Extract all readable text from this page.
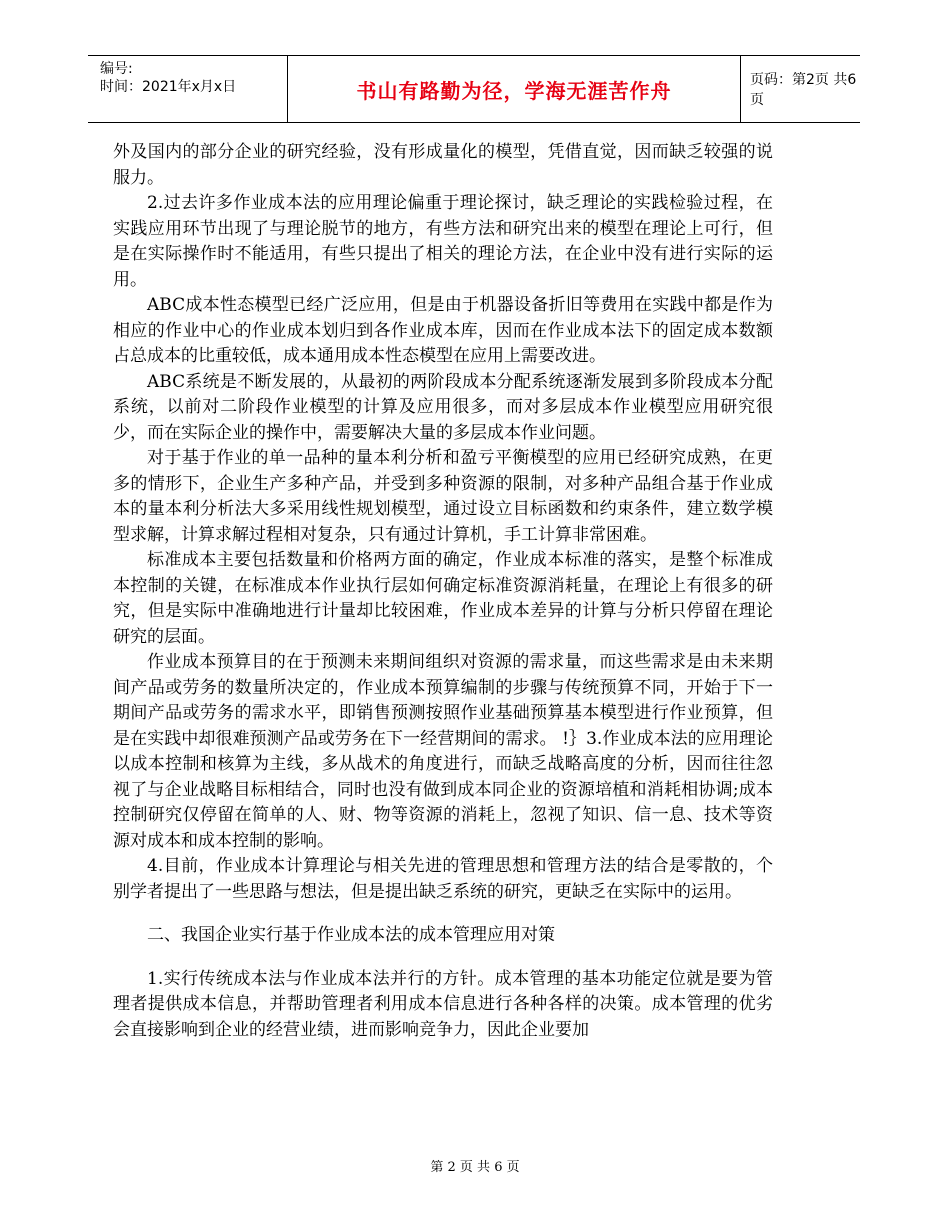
编号:
时间：2021年x月x日	书山有路勤为径，学海无涯苦作舟	页码：第2页 共6页

外及国内的部分企业的研究经验，没有形成量化的模型，凭借直觉，因而缺乏较强的说服力。

2.过去许多作业成本法的应用理论偏重于理论探讨，缺乏理论的实践检验过程，在实践应用环节出现了与理论脱节的地方，有些方法和研究出来的模型在理论上可行，但是在实际操作时不能适用，有些只提出了相关的理论方法，在企业中没有进行实际的运用。

ABC成本性态模型已经广泛应用，但是由于机器设备折旧等费用在实践中都是作为相应的作业中心的作业成本划归到各作业成本库，因而在作业成本法下的固定成本数额占总成本的比重较低，成本通用成本性态模型在应用上需要改进。

ABC系统是不断发展的，从最初的两阶段成本分配系统逐渐发展到多阶段成本分配系统，以前对二阶段作业模型的计算及应用很多，而对多层成本作业模型应用研究很少，而在实际企业的操作中，需要解决大量的多层成本作业问题。

对于基于作业的单一品种的量本利分析和盈亏平衡模型的应用已经研究成熟，在更多的情形下，企业生产多种产品，并受到多种资源的限制，对多种产品组合基于作业成本的量本利分析法大多采用线性规划模型，通过设立目标函数和约束条件，建立数学模型求解，计算求解过程相对复杂，只有通过计算机，手工计算非常困难。

标准成本主要包括数量和价格两方面的确定，作业成本标准的落实，是整个标准成本控制的关键，在标准成本作业执行层如何确定标准资源消耗量，在理论上有很多的研究，但是实际中准确地进行计量却比较困难，作业成本差异的计算与分析只停留在理论研究的层面。

作业成本预算目的在于预测未来期间组织对资源的需求量，而这些需求是由未来期间产品或劳务的数量所决定的，作业成本预算编制的步骤与传统预算不同，开始于下一期间产品或劳务的需求水平，即销售预测按照作业基础预算基本模型进行作业预算，但是在实践中却很难预测产品或劳务在下一经营期间的需求。 !｝3.作业成本法的应用理论以成本控制和核算为主线，多从战术的角度进行，而缺乏战略高度的分析，因而往往忽视了与企业战略目标相结合，同时也没有做到成本同企业的资源培植和消耗相协调;成本控制研究仅停留在简单的人、财、物等资源的消耗上，忽视了知识、信一息、技术等资源对成本和成本控制的影响。

4.目前，作业成本计算理论与相关先进的管理思想和管理方法的结合是零散的，个别学者提出了一些思路与想法，但是提出缺乏系统的研究，更缺乏在实际中的运用。

二、我国企业实行基于作业成本法的成本管理应用对策

1.实行传统成本法与作业成本法并行的方针。成本管理的基本功能定位就是要为管理者提供成本信息，并帮助管理者利用成本信息进行各种各样的决策。成本管理的优劣会直接影响到企业的经营业绩，进而影响竞争力，因此企业要加

第 2 页 共 6 页
